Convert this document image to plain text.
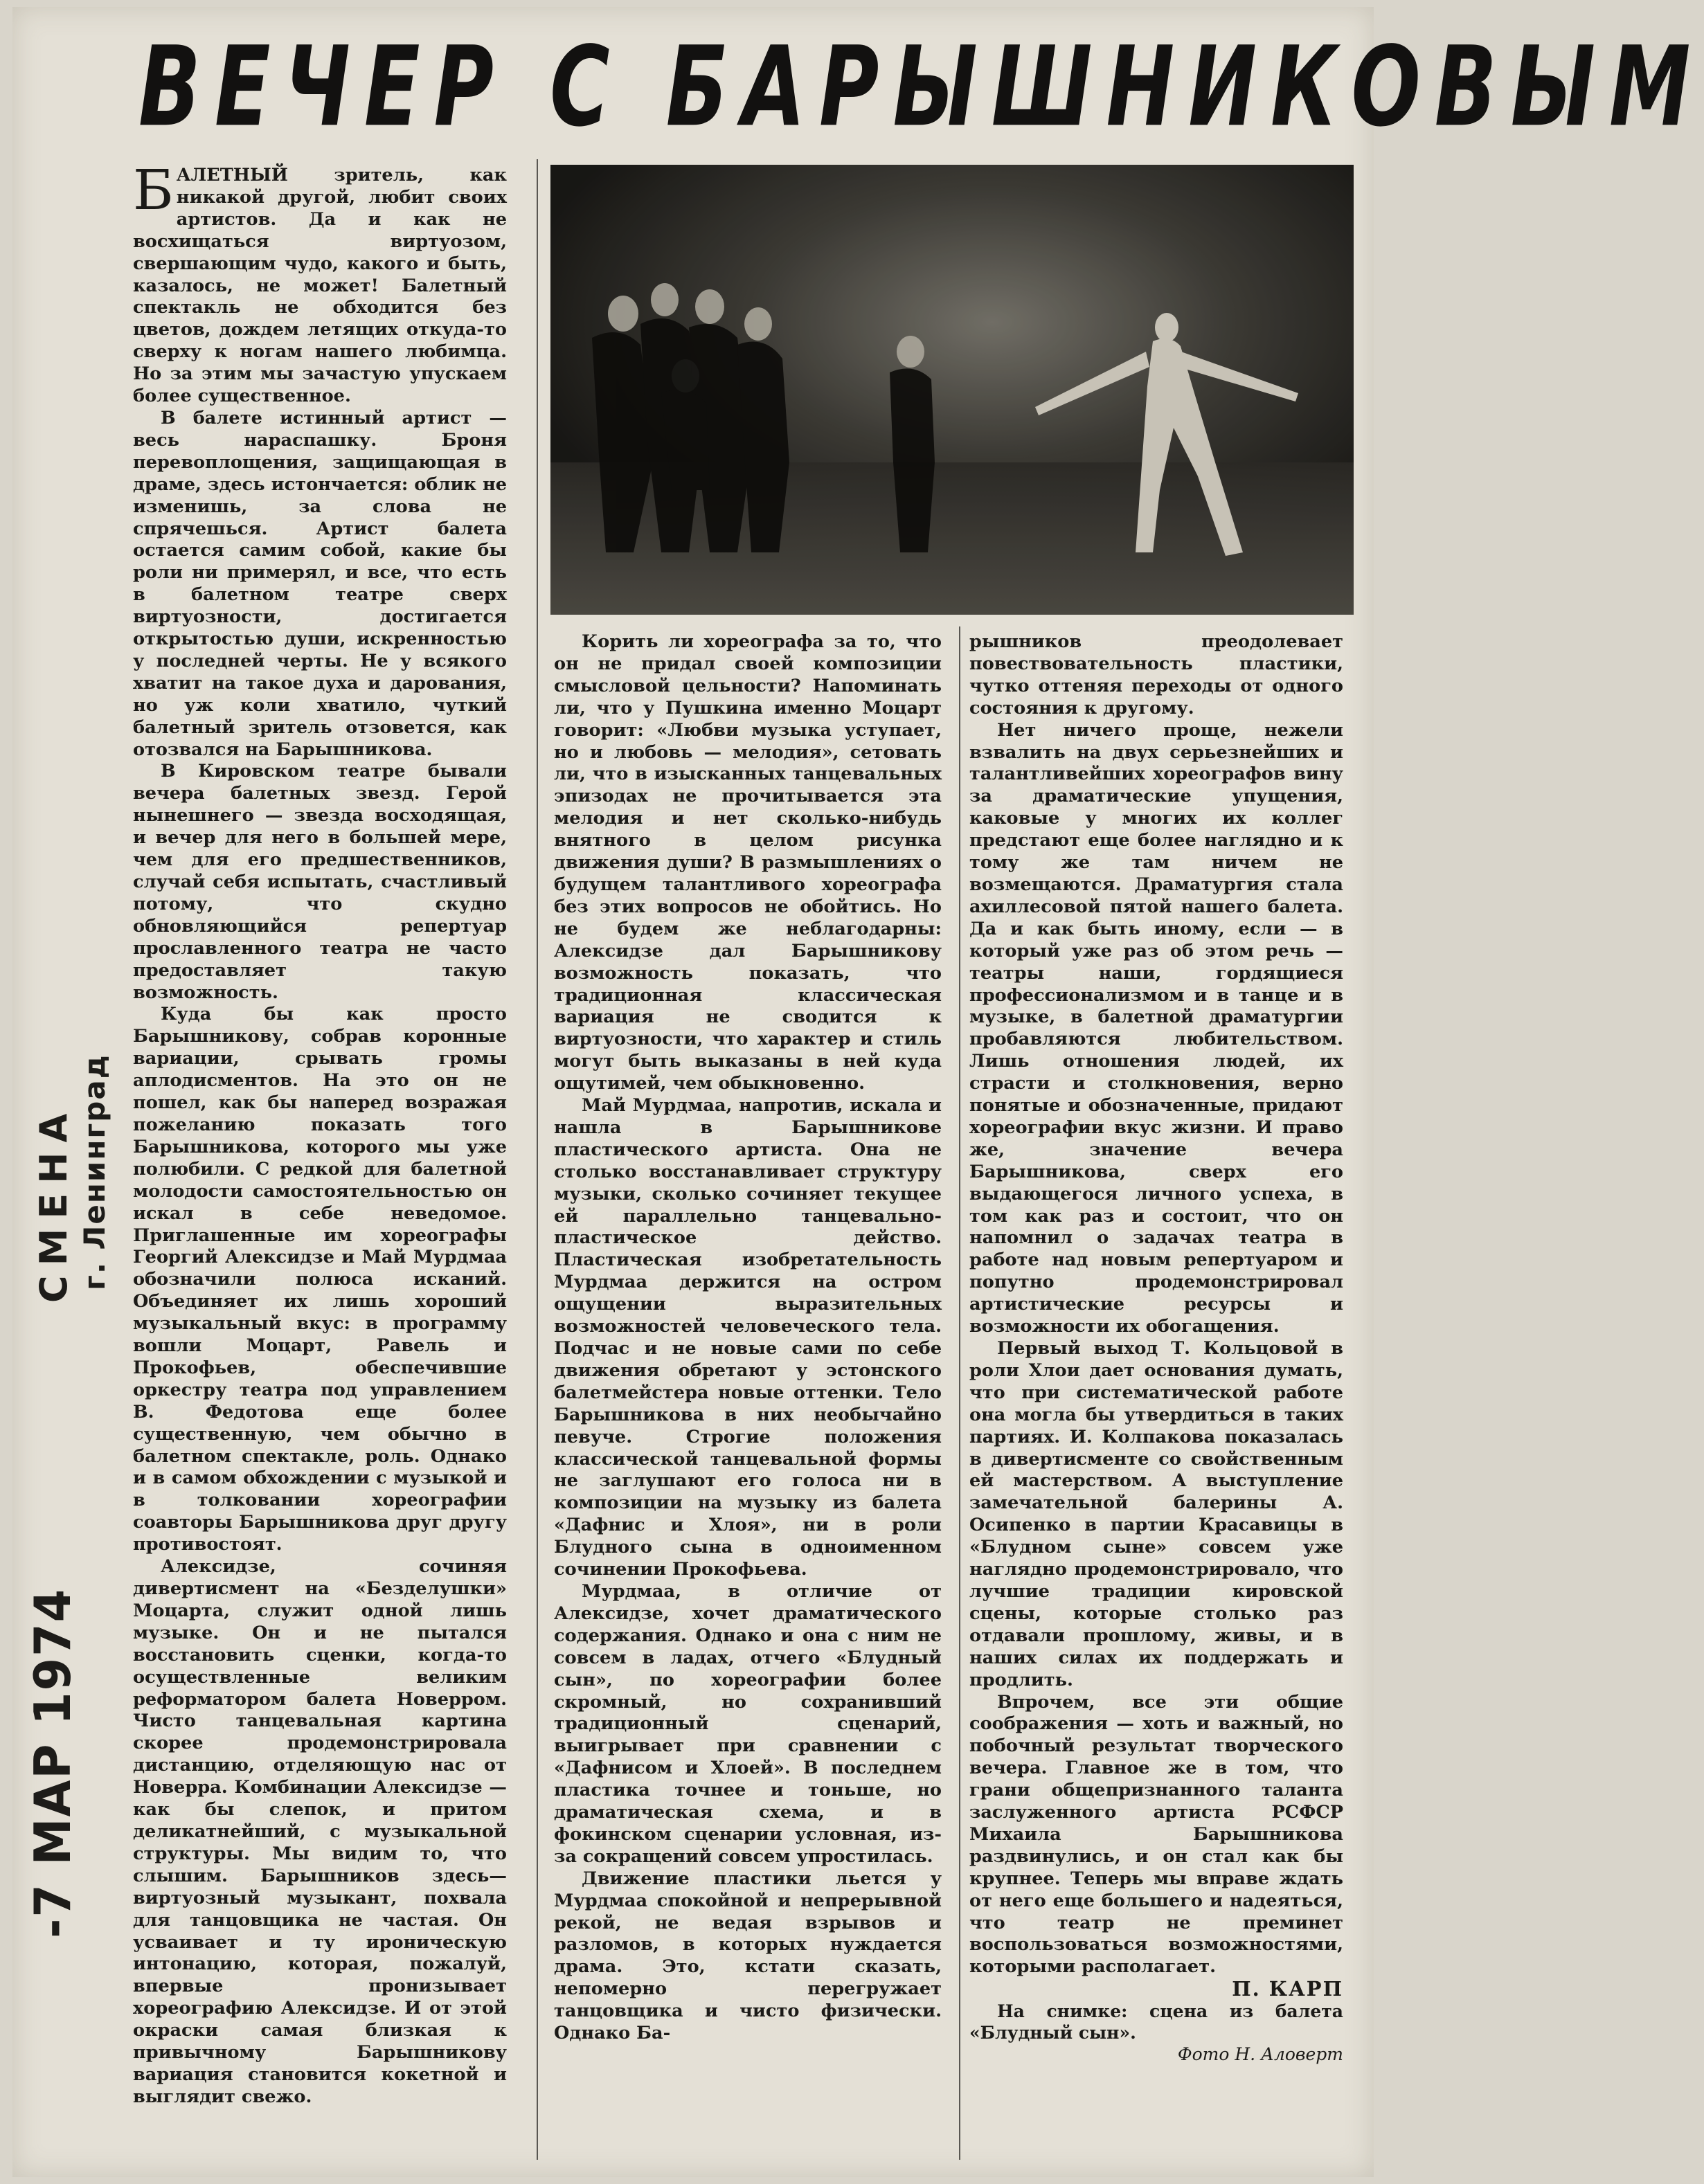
ВЕЧЕР С БАРЫШНИКОВЫМ
СМЕНА г. Ленинград
-7 МАР 1974

БАЛЕТНЫЙ зритель, как никакой другой, любит своих артистов. Да и как не восхищаться виртуозом, свершающим чудо, какого и быть, казалось, не может! Балетный спектакль не обходится без цветов, дождем летящих откуда-то сверху к ногам нашего любимца. Но за этим мы зачастую упускаем более существенное.

В балете истинный артист — весь нараспашку. Броня перевоплощения, защищающая в драме, здесь истончается: облик не изменишь, за слова не спрячешься. Артист балета остается самим собой, какие бы роли ни примерял, и все, что есть в балетном театре сверх виртуозности, достигается открытостью души, искренностью у последней черты. Не у всякого хватит на такое духа и дарования, но уж коли хватило, чуткий балетный зритель отзовется, как отозвался на Барышникова.

В Кировском театре бывали вечера балетных звезд. Герой нынешнего — звезда восходящая, и вечер для него в большей мере, чем для его предшественников, случай себя испытать, счастливый потому, что скудно обновляющийся репертуар прославленного театра не часто предоставляет такую возможность.

Куда бы как просто Барышникову, собрав коронные вариации, срывать громы аплодисментов. На это он не пошел, как бы наперед возражая пожеланию показать того Барышникова, которого мы уже полюбили. С редкой для балетной молодости самостоятельностью он искал в себе неведомое. Приглашенные им хореографы Георгий Алексидзе и Май Мурдмаа обозначили полюса исканий. Объединяет их лишь хороший музыкальный вкус: в программу вошли Моцарт, Равель и Прокофьев, обеспечившие оркестру театра под управлением В. Федотова еще более существенную, чем обычно в балетном спектакле, роль. Однако и в самом обхождении с музыкой и в толковании хореографии соавторы Барышникова друг другу противостоят.

Алексидзе, сочиняя дивертисмент на «Безделушки» Моцарта, служит одной лишь музыке. Он и не пытался восстановить сценки, когда-то осуществленные великим реформатором балета Новерром. Чисто танцевальная картина скорее продемонстрировала дистанцию, отделяющую нас от Новерра. Комбинации Алексидзе — как бы слепок, и притом деликатнейший, с музыкальной структуры. Мы видим то, что слышим. Барышников здесь—виртуозный музыкант, похвала для танцовщика не частая. Он усваивает и ту ироническую интонацию, которая, пожалуй, впервые пронизывает хореографию Алексидзе. И от этой окраски самая близкая к привычному Барышникову вариация становится кокетной и выглядит свежо.

Корить ли хореографа за то, что он не придал своей композиции смысловой цельности? Напоминать ли, что у Пушкина именно Моцарт говорит: «Любви музыка уступает, но и любовь — мелодия», сетовать ли, что в изысканных танцевальных эпизодах не прочитывается эта мелодия и нет сколько-нибудь внятного в целом рисунка движения души? В размышлениях о будущем талантливого хореографа без этих вопросов не обойтись. Но не будем же неблагодарны: Алексидзе дал Барышникову возможность показать, что традиционная классическая вариация не сводится к виртуозности, что характер и стиль могут быть выказаны в ней куда ощутимей, чем обыкновенно.

Май Мурдмаа, напротив, искала и нашла в Барышникове пластического артиста. Она не столько восстанавливает структуру музыки, сколько сочиняет текущее ей параллельно танцевально-пластическое действо. Пластическая изобретательность Мурдмаа держится на остром ощущении выразительных возможностей человеческого тела. Подчас и не новые сами по себе движения обретают у эстонского балетмейстера новые оттенки. Тело Барышникова в них необычайно певуче. Строгие положения классической танцевальной формы не заглушают его голоса ни в композиции на музыку из балета «Дафнис и Хлоя», ни в роли Блудного сына в одноименном сочинении Прокофьева.

Мурдмаа, в отличие от Алексидзе, хочет драматического содержания. Однако и она с ним не совсем в ладах, отчего «Блудный сын», по хореографии более скромный, но сохранивший традиционный сценарий, выигрывает при сравнении с «Дафнисом и Хлоей». В последнем пластика точнее и тоньше, но драматическая схема, и в фокинском сценарии условная, из-за сокращений совсем упростилась.

Движение пластики льется у Мурдмаа спокойной и непрерывной рекой, не ведая взрывов и разломов, в которых нуждается драма. Это, кстати сказать, непомерно перегружает танцовщика и чисто физически. Однако Ба-

рышников преодолевает повествовательность пластики, чутко оттеняя переходы от одного состояния к другому.

Нет ничего проще, нежели взвалить на двух серьезнейших и талантливейших хореографов вину за драматические упущения, каковые у многих их коллег предстают еще более наглядно и к тому же там ничем не возмещаются. Драматургия стала ахиллесовой пятой нашего балета. Да и как быть иному, если — в который уже раз об этом речь — театры наши, гордящиеся профессионализмом и в танце и в музыке, в балетной драматургии пробавляются любительством. Лишь отношения людей, их страсти и столкновения, верно понятые и обозначенные, придают хореографии вкус жизни. И право же, значение вечера Барышникова, сверх его выдающегося личного успеха, в том как раз и состоит, что он напомнил о задачах театра в работе над новым репертуаром и попутно продемонстрировал артистические ресурсы и возможности их обогащения.

Первый выход Т. Кольцовой в роли Хлои дает основания думать, что при систематической работе она могла бы утвердиться в таких партиях. И. Колпакова показалась в дивертисменте со свойственным ей мастерством. А выступление замечательной балерины А. Осипенко в партии Красавицы в «Блудном сыне» совсем уже наглядно продемонстрировало, что лучшие традиции кировской сцены, которые столько раз отдавали прошлому, живы, и в наших силах их поддержать и продлить.

Впрочем, все эти общие соображения — хоть и важный, но побочный результат творческого вечера. Главное же в том, что грани общепризнанного таланта заслуженного артиста РСФСР Михаила Барышникова раздвинулись, и он стал как бы крупнее. Теперь мы вправе ждать от него еще большего и надеяться, что театр не преминет воспользоваться возможностями, которыми располагает.

П. КАРП

На снимке: сцена из балета «Блудный сын».
Фото Н. Аловерт
